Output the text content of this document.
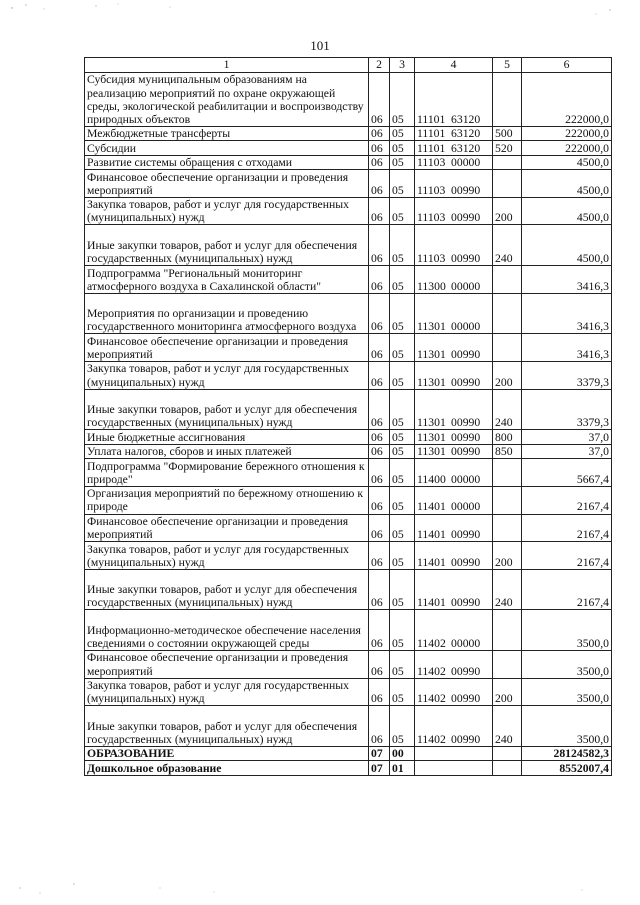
101
1	2	3	4	5	6
Субсидия муниципальным образованиям на реализацию мероприятий по охране окружающей среды, экологической реабилитации и воспроизводству природных объектов	06	05	11101 63120		222000,0
Межбюджетные трансферты	06	05	11101 63120	500	222000,0
Субсидии	06	05	11101 63120	520	222000,0
Развитие системы обращения с отходами	06	05	11103 00000		4500,0
Финансовое обеспечение организации и проведения мероприятий	06	05	11103 00990		4500,0
Закупка товаров, работ и услуг для государственных (муниципальных) нужд	06	05	11103 00990	200	4500,0
Иные закупки товаров, работ и услуг для обеспечения государственных (муниципальных) нужд	06	05	11103 00990	240	4500,0
Подпрограмма "Региональный мониторинг атмосферного воздуха в Сахалинской области"	06	05	11300 00000		3416,3
Мероприятия по организации и проведению государственного мониторинга атмосферного воздуха	06	05	11301 00000		3416,3
Финансовое обеспечение организации и проведения мероприятий	06	05	11301 00990		3416,3
Закупка товаров, работ и услуг для государственных (муниципальных) нужд	06	05	11301 00990	200	3379,3
Иные закупки товаров, работ и услуг для обеспечения государственных (муниципальных) нужд	06	05	11301 00990	240	3379,3
Иные бюджетные ассигнования	06	05	11301 00990	800	37,0
Уплата налогов, сборов и иных платежей	06	05	11301 00990	850	37,0
Подпрограмма "Формирование бережного отношения к природе"	06	05	11400 00000		5667,4
Организация мероприятий по бережному отношению к природе	06	05	11401 00000		2167,4
Финансовое обеспечение организации и проведения мероприятий	06	05	11401 00990		2167,4
Закупка товаров, работ и услуг для государственных (муниципальных) нужд	06	05	11401 00990	200	2167,4
Иные закупки товаров, работ и услуг для обеспечения государственных (муниципальных) нужд	06	05	11401 00990	240	2167,4
Информационно-методическое обеспечение населения сведениями о состоянии окружающей среды	06	05	11402 00000		3500,0
Финансовое обеспечение организации и проведения мероприятий	06	05	11402 00990		3500,0
Закупка товаров, работ и услуг для государственных (муниципальных) нужд	06	05	11402 00990	200	3500,0
Иные закупки товаров, работ и услуг для обеспечения государственных (муниципальных) нужд	06	05	11402 00990	240	3500,0
ОБРАЗОВАНИЕ	07	00			28124582,3
Дошкольное образование	07	01			8552007,4
